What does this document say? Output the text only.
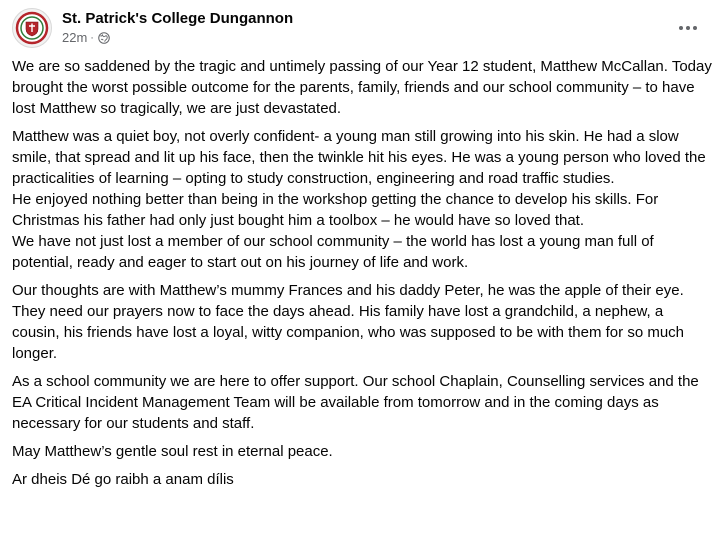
St. Patrick's College Dungannon
22m ·

We are so saddened by the tragic and untimely passing of our Year 12 student, Matthew McCallan. Today brought the worst possible outcome for the parents, family, friends and our school community – to have lost Matthew so tragically, we are just devastated.

Matthew was a quiet boy, not overly confident- a young man still growing into his skin. He had a slow smile, that spread and lit up his face, then the twinkle hit his eyes. He was a young person who loved the practicalities of learning – opting to study construction, engineering and road traffic studies.
He enjoyed nothing better than being in the workshop getting the chance to develop his skills. For Christmas his father had only just bought him a toolbox – he would have so loved that.
We have not just lost a member of our school community – the world has lost a young man full of potential, ready and eager to start out on his journey of life and work.

Our thoughts are with Matthew’s mummy Frances and his daddy Peter, he was the apple of their eye.
They need our prayers now to face the days ahead. His family have lost a grandchild, a nephew, a cousin, his friends have lost a loyal, witty companion, who was supposed to be with them for so much longer.

As a school community we are here to offer support. Our school Chaplain, Counselling services and the EA Critical Incident Management Team will be available from tomorrow and in the coming days as necessary for our students and staff.

May Matthew’s gentle soul rest in eternal peace.

Ar dheis Dé go raibh a anam dílis
